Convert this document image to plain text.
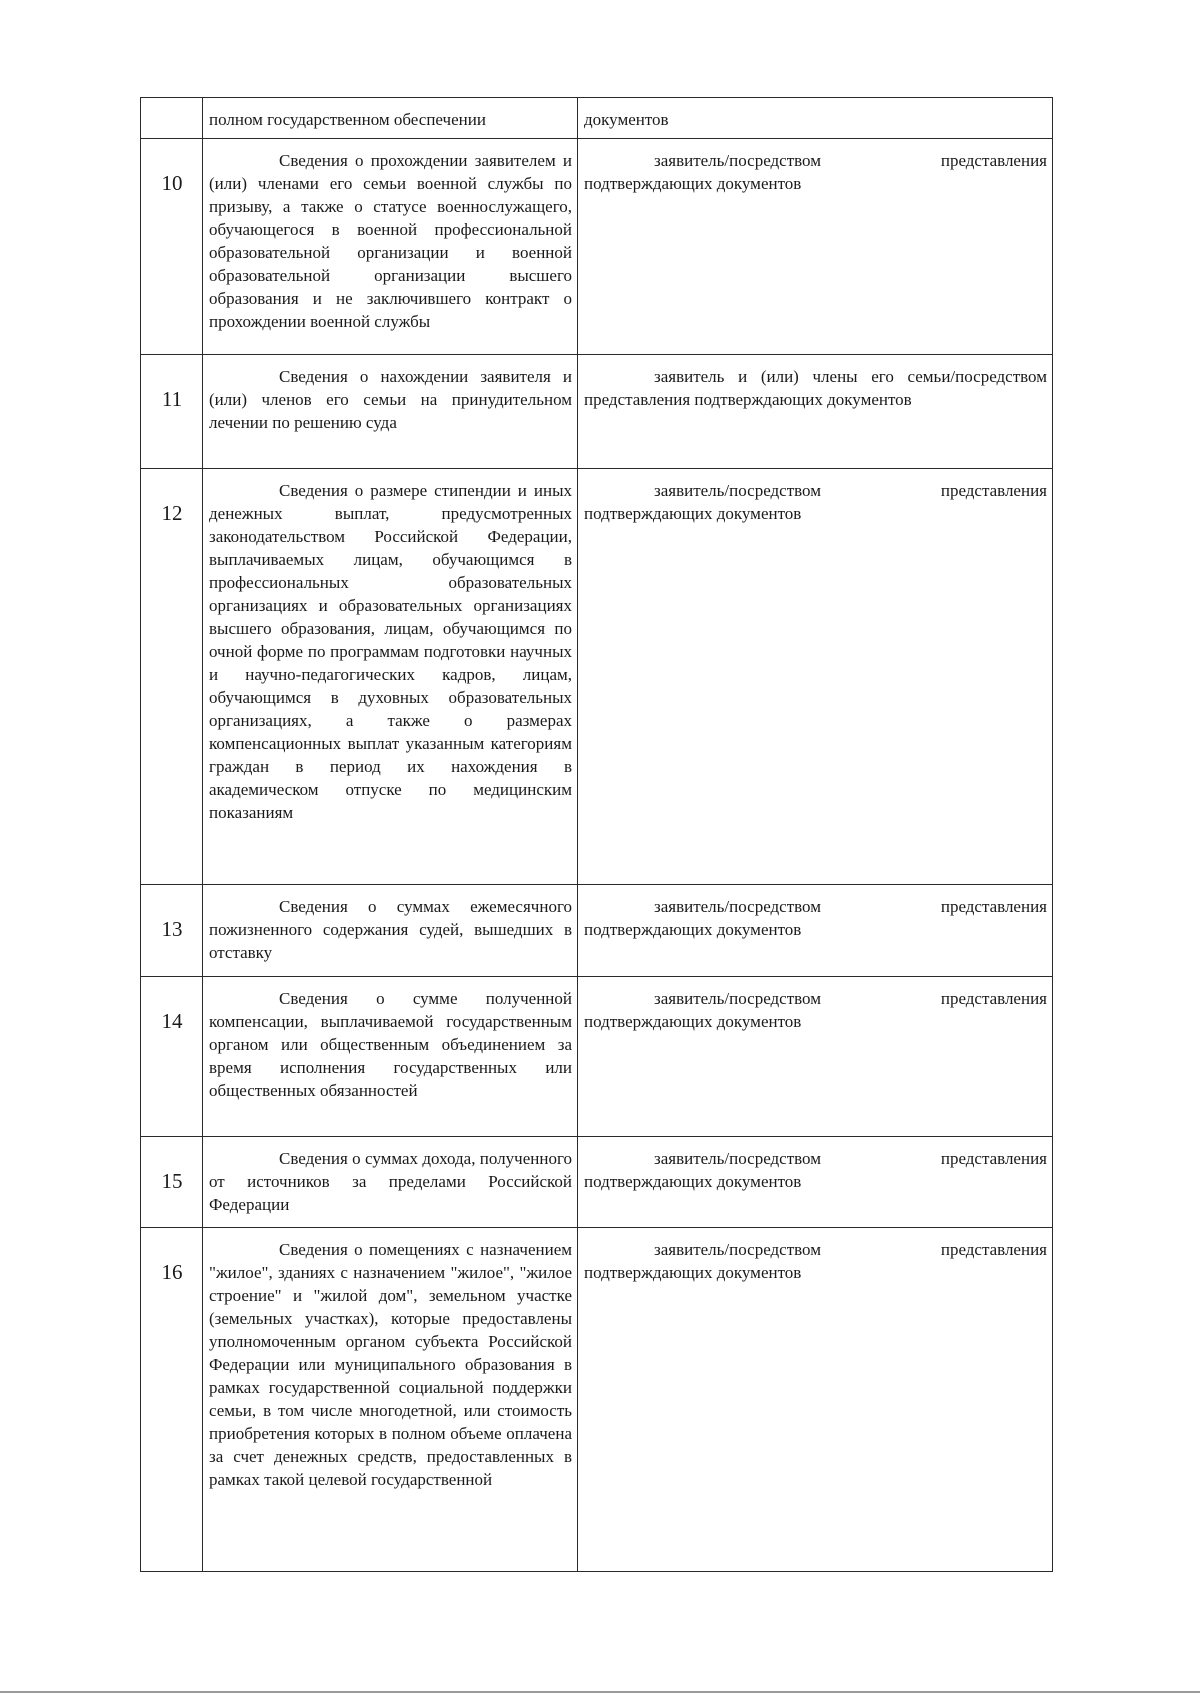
	полном государственном обеспечении	документов
10	Сведения о прохождении заявителем и (или) членами его семьи военной службы по призыву, а также о статусе военнослужащего, обучающегося в военной профессиональной образовательной организации и военной образовательной организации высшего образования и не заключившего контракт о прохождении военной службы	заявитель/посредством представления подтверждающих документов
11	Сведения о нахождении заявителя и (или) членов его семьи на принудительном лечении по решению суда	заявитель и (или) члены его семьи/посредством представления подтверждающих документов
12	Сведения о размере стипендии и иных денежных выплат, предусмотренных законодательством Российской Федерации, выплачиваемых лицам, обучающимся в профессиональных образовательных организациях и образовательных организациях высшего образования, лицам, обучающимся по очной форме по программам подготовки научных и научно-педагогических кадров, лицам, обучающимся в духовных образовательных организациях, а также о размерах компенсационных выплат указанным категориям граждан в период их нахождения в академическом отпуске по медицинским показаниям	заявитель/посредством представления подтверждающих документов
13	Сведения о суммах ежемесячного пожизненного содержания судей, вышедших в отставку	заявитель/посредством представления подтверждающих документов
14	Сведения о сумме полученной компенсации, выплачиваемой государственным органом или общественным объединением за время исполнения государственных или общественных обязанностей	заявитель/посредством представления подтверждающих документов
15	Сведения о суммах дохода, полученного от источников за пределами Российской Федерации	заявитель/посредством представления подтверждающих документов
16	Сведения о помещениях с назначением "жилое", зданиях с назначением "жилое", "жилое строение" и "жилой дом", земельном участке (земельных участках), которые предоставлены уполномоченным органом субъекта Российской Федерации или муниципального образования в рамках государственной социальной поддержки семьи, в том числе многодетной, или стоимость приобретения которых в полном объеме оплачена за счет денежных средств, предоставленных в рамках такой целевой государственной	заявитель/посредством представления подтверждающих документов
